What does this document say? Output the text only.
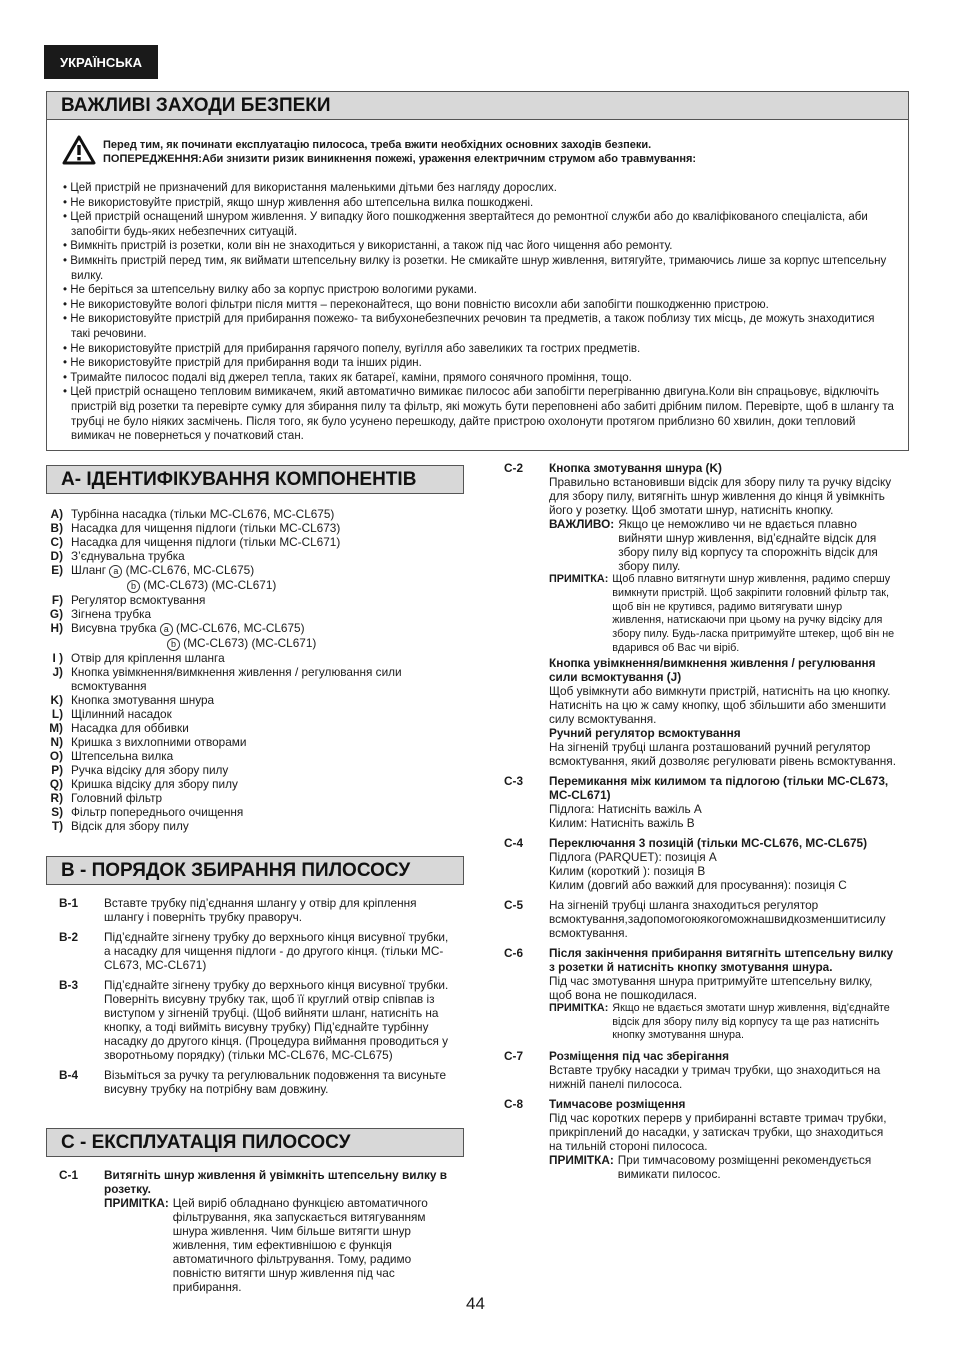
УКРАЇНСЬКА
ВАЖЛИВІ ЗАХОДИ БЕЗПЕКИ
Перед тим, як починати експлуатацію пилососа, треба вжити необхідних основних заходів безпеки.
ПОПЕРЕДЖЕННЯ:Аби знизити ризик виникнення пожежі, ураження електричним струмом або травмування:
• Цей пристрій не призначений для використання маленькими дітьми без нагляду дорослих.
• Не використовуйте пристрій, якщо шнур живлення або штепсельна вилка пошкоджені.
• Цей пристрій оснащений шнуром живлення. У випадку його пошкодження звертайтеся до ремонтної служби або до кваліфікованого спеціаліста, аби запобігти будь-яких небезпечних ситуацій.
• Вимкніть пристрій із розетки, коли він не знаходиться у використанні, а також під час його чищення або ремонту.
• Вимкніть пристрій перед тим, як виймати штепсельну вилку із розетки. Не смикайте шнур живлення, витягуйте, тримаючись лише за корпус штепсельну вилку.
• Не беріться за штепсельну вилку або за корпус пристрою вологими руками.
• Не використовуйте вологі фільтри після миття – переконайтеся, що вони повністю висохли аби запобігти пошкодженню пристрою.
• Не використовуйте пристрій для прибирання пожежо- та вибухонебезпечних речовин та предметів, а також поблизу тих місць, де можуть знаходитися такі речовини.
• Не використовуйте пристрій для прибирання гарячого попелу, вугілля або завеликих та гострих предметів.
• Не використовуйте пристрій для прибирання води та інших рідин.
• Тримайте пилосос подалі від джерел тепла, таких як батареї, каміни, прямого сонячного проміння, тощо.
• Цей пристрій оснащено тепловим вимикачем, який автоматично вимикає пилосос аби запобігти перегріванню двигуна.Коли він спрацьовує, відключіть пристрій від розетки та перевірте сумку для збирання пилу та фільтр, які можуть бути переповнені або забиті дрібним пилом. Перевірте, щоб в шлангу та трубці не було ніяких засмічень. Після того, як було усунено перешкоду, дайте пристрою охолонути протягом приблизно 60 хвилин, доки тепловий вимикач не повернеться у початковий стан.
A- ІДЕНТИФІКУВАННЯ КОМПОНЕНТІВ
A) Турбінна насадка (тільки MC-CL676, MC-CL675)
B) Насадка для чищення підлоги (тільки MC-CL673)
C) Насадка для чищення підлоги (тільки MC-CL671)
D) З’єднувальна трубка
E) Шланг a (MC-CL676, MC-CL675)
b (MC-CL673) (MC-CL671)
F) Регулятор всмоктування
G) Зігнена трубка
H) Висувна трубка a (MC-CL676, MC-CL675)
b (MC-CL673) (MC-CL671)
I ) Отвір для кріплення шланга
J) Кнопка увімкнення/вимкнення живлення / регулювання сили всмоктування
K) Кнопка змотування шнура
L) Щілинний насадок
M) Насадка для оббивки
N) Кришка з вихлопними отворами
O) Штепсельна вилка
P) Ручка відсіку для збору пилу
Q) Кришка відсіку для збору пилу
R) Головний фільтр
S) Фільтр попереднього очищення
T) Відсік для збору пилу
B - ПОРЯДОК ЗБИРАННЯ ПИЛОСОСУ
B-1	Вставте трубку під’єднання шлангу у отвір для кріплення шлангу і поверніть трубку праворуч.
B-2	Під’єднайте зігнену трубку до верхнього кінця висувної трубки, а насадку для чищення підлоги - до другого кінця. (тільки MC-CL673, MC-CL671)
B-3	Під’єднайте зігнену трубку до верхнього кінця висувної трубки. Поверніть висувну трубку так, щоб її круглий отвір співпав із виступом у зігненій трубці. (Щоб вийняти шланг, натисніть на кнопку, а тоді вийміть висувну трубку) Під’єднайте турбінну насадку до другого кінця. (Процедура виймання проводиться у зворотньому порядку) (тільки MC-CL676, MC-CL675)
B-4	Візьміться за ручку та регулювальник подовження та висуньте висувну трубку на потрібну вам довжину.
C - ЕКСПЛУАТАЦІЯ ПИЛОСОСУ
C-1	Витягніть шнур живлення й увімкніть штепсельну вилку в розетку.
ПРИМІТКА: Цей виріб обладнано функцією автоматичного фільтрування, яка запускається витягуванням шнура живлення. Чим більше витягти шнур живлення, тим ефективнішою є функція автоматичного фільтрування. Тому, радимо повністю витягти шнур живлення під час прибирання.
C-2	Кнопка змотування шнура (K)
Правильно встановивши відсік для збору пилу та ручку відсіку для збору пилу, витягніть шнур живлення до кінця й увімкніть його у розетку. Щоб змотати шнур, натисніть кнопку.
ВАЖЛИВО: Якщо це неможливо чи не вдається плавно вийняти шнур живлення, від’єднайте відсік для збору пилу від корпусу та спорожніть відсік для збору пилу.
ПРИМІТКА: Щоб плавно витягнути шнур живлення, радимо спершу вимкнути пристрій. Щоб закріпити головний фільтр так, щоб він не крутився, радимо витягувати шнур живлення, натискаючи при цьому на ручку відсіку для збору пилу. Будь-ласка притримуйте штекер, щоб він не вдарився об Вас чи віріб.
Кнопка увімкнення/вимкнення живлення / регулювання сили всмоктування (J)
Щоб увімкнути або вимкнути пристрій, натисніть на цю кнопку.
Натисніть на цю ж саму кнопку, щоб збільшити або зменшити силу всмоктування.
Ручний регулятор всмоктування
На зігненій трубці шланга розташований ручний регулятор всмоктування, який дозволяє регулювати рівень всмоктування.
C-3	Перемикання між килимом та підлогою (тільки MC-CL673, MC-CL671)
Підлога: Натисніть важіль A
Килим: Натисніть важіль B
C-4	Переключання 3 позицій (тільки MC-CL676, MC-CL675)
Підлога (PARQUET): позиція A
Килим (короткий ): позиція B
Килим (довгий або важкий для просування): позиція C
C-5	На зігненій трубці шланга знаходиться регулятор всмоктування,задопомогоюякогоможнашвидкозменшитисилу всмоктування.
C-6	Після закінчення прибирання витягніть штепсельну вилку з розетки й натисніть кнопку змотування шнура.
Під час змотування шнура притримуйте штепсельну вилку, щоб вона не пошкодилася.
ПРИМІТКА: Якщо не вдається змотати шнур живлення, від’єднайте відсік для збору пилу від корпусу та ще раз натисніть кнопку змотування шнура.
C-7	Розміщення під час зберігання
Вставте трубку насадки у тримач трубки, що знаходиться на нижній панелі пилососа.
C-8	Тимчасове розміщення
Під час коротких перерв у прибиранні вставте тримач трубки, прикріплений до насадки, у затискач трубки, що знаходиться на тильній стороні пилососа.
ПРИМІТКА: При тимчасовому розміщенні рекомендується вимикати пилосос.
44
